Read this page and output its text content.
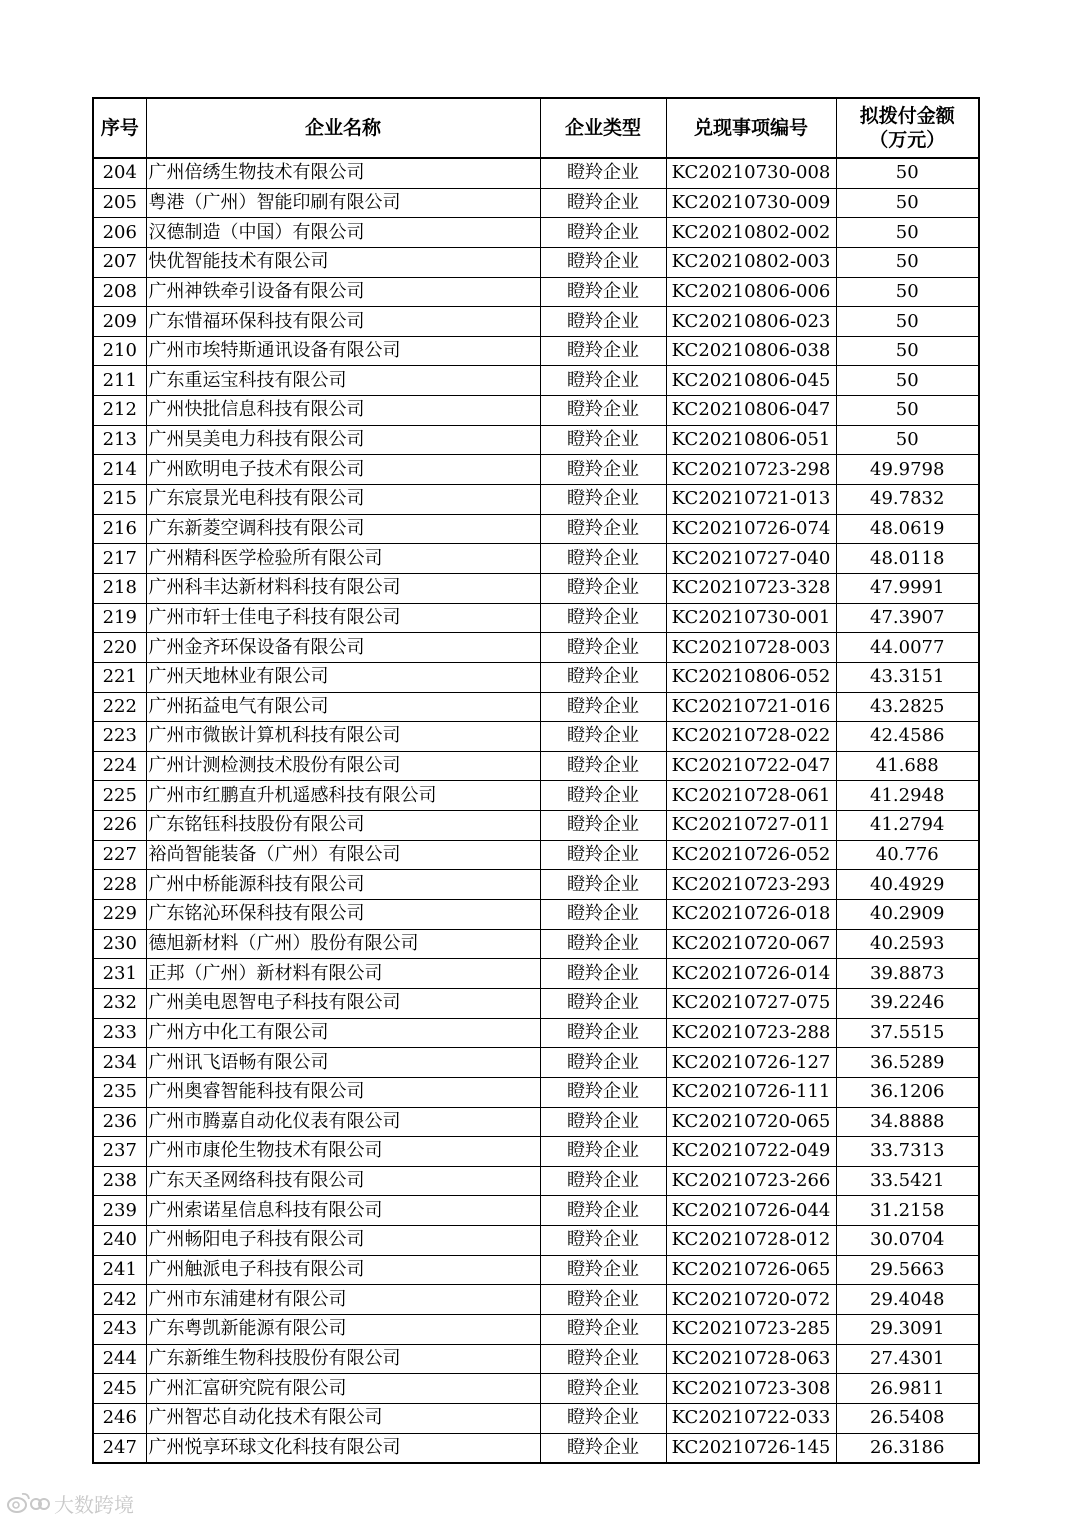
序号	企业名称	企业类型	兑现事项编号	拟拨付金额
（万元）

204	广州倍绣生物技术有限公司	瞪羚企业	KC20210730-008	50
205	粤港（广州）智能印刷有限公司	瞪羚企业	KC20210730-009	50
206	汉德制造（中国）有限公司	瞪羚企业	KC20210802-002	50
207	快优智能技术有限公司	瞪羚企业	KC20210802-003	50
208	广州神铁牵引设备有限公司	瞪羚企业	KC20210806-006	50
209	广东惜福环保科技有限公司	瞪羚企业	KC20210806-023	50
210	广州市埃特斯通讯设备有限公司	瞪羚企业	KC20210806-038	50
211	广东重运宝科技有限公司	瞪羚企业	KC20210806-045	50
212	广州快批信息科技有限公司	瞪羚企业	KC20210806-047	50
213	广州昊美电力科技有限公司	瞪羚企业	KC20210806-051	50
214	广州欧明电子技术有限公司	瞪羚企业	KC20210723-298	49.9798
215	广东宸景光电科技有限公司	瞪羚企业	KC20210721-013	49.7832
216	广东新菱空调科技有限公司	瞪羚企业	KC20210726-074	48.0619
217	广州精科医学检验所有限公司	瞪羚企业	KC20210727-040	48.0118
218	广州科丰达新材料科技有限公司	瞪羚企业	KC20210723-328	47.9991
219	广州市轩士佳电子科技有限公司	瞪羚企业	KC20210730-001	47.3907
220	广州金齐环保设备有限公司	瞪羚企业	KC20210728-003	44.0077
221	广州天地林业有限公司	瞪羚企业	KC20210806-052	43.3151
222	广州拓益电气有限公司	瞪羚企业	KC20210721-016	43.2825
223	广州市微嵌计算机科技有限公司	瞪羚企业	KC20210728-022	42.4586
224	广州计测检测技术股份有限公司	瞪羚企业	KC20210722-047	41.688
225	广州市红鹏直升机遥感科技有限公司	瞪羚企业	KC20210728-061	41.2948
226	广东铭钰科技股份有限公司	瞪羚企业	KC20210727-011	41.2794
227	裕尚智能装备（广州）有限公司	瞪羚企业	KC20210726-052	40.776
228	广州中桥能源科技有限公司	瞪羚企业	KC20210723-293	40.4929
229	广东铭沁环保科技有限公司	瞪羚企业	KC20210726-018	40.2909
230	德旭新材料（广州）股份有限公司	瞪羚企业	KC20210720-067	40.2593
231	正邦（广州）新材料有限公司	瞪羚企业	KC20210726-014	39.8873
232	广州美电恩智电子科技有限公司	瞪羚企业	KC20210727-075	39.2246
233	广州方中化工有限公司	瞪羚企业	KC20210723-288	37.5515
234	广州讯飞语畅有限公司	瞪羚企业	KC20210726-127	36.5289
235	广州奥睿智能科技有限公司	瞪羚企业	KC20210726-111	36.1206
236	广州市腾嘉自动化仪表有限公司	瞪羚企业	KC20210720-065	34.8888
237	广州市康伦生物技术有限公司	瞪羚企业	KC20210722-049	33.7313
238	广东天圣网络科技有限公司	瞪羚企业	KC20210723-266	33.5421
239	广州索诺星信息科技有限公司	瞪羚企业	KC20210726-044	31.2158
240	广州畅阳电子科技有限公司	瞪羚企业	KC20210728-012	30.0704
241	广州触派电子科技有限公司	瞪羚企业	KC20210726-065	29.5663
242	广州市东浦建材有限公司	瞪羚企业	KC20210720-072	29.4048
243	广东粤凯新能源有限公司	瞪羚企业	KC20210723-285	29.3091
244	广东新维生物科技股份有限公司	瞪羚企业	KC20210728-063	27.4301
245	广州汇富研究院有限公司	瞪羚企业	KC20210723-308	26.9811
246	广州智芯自动化技术有限公司	瞪羚企业	KC20210722-033	26.5408
247	广州悦享环球文化科技有限公司	瞪羚企业	KC20210726-145	26.3186
大数跨境
